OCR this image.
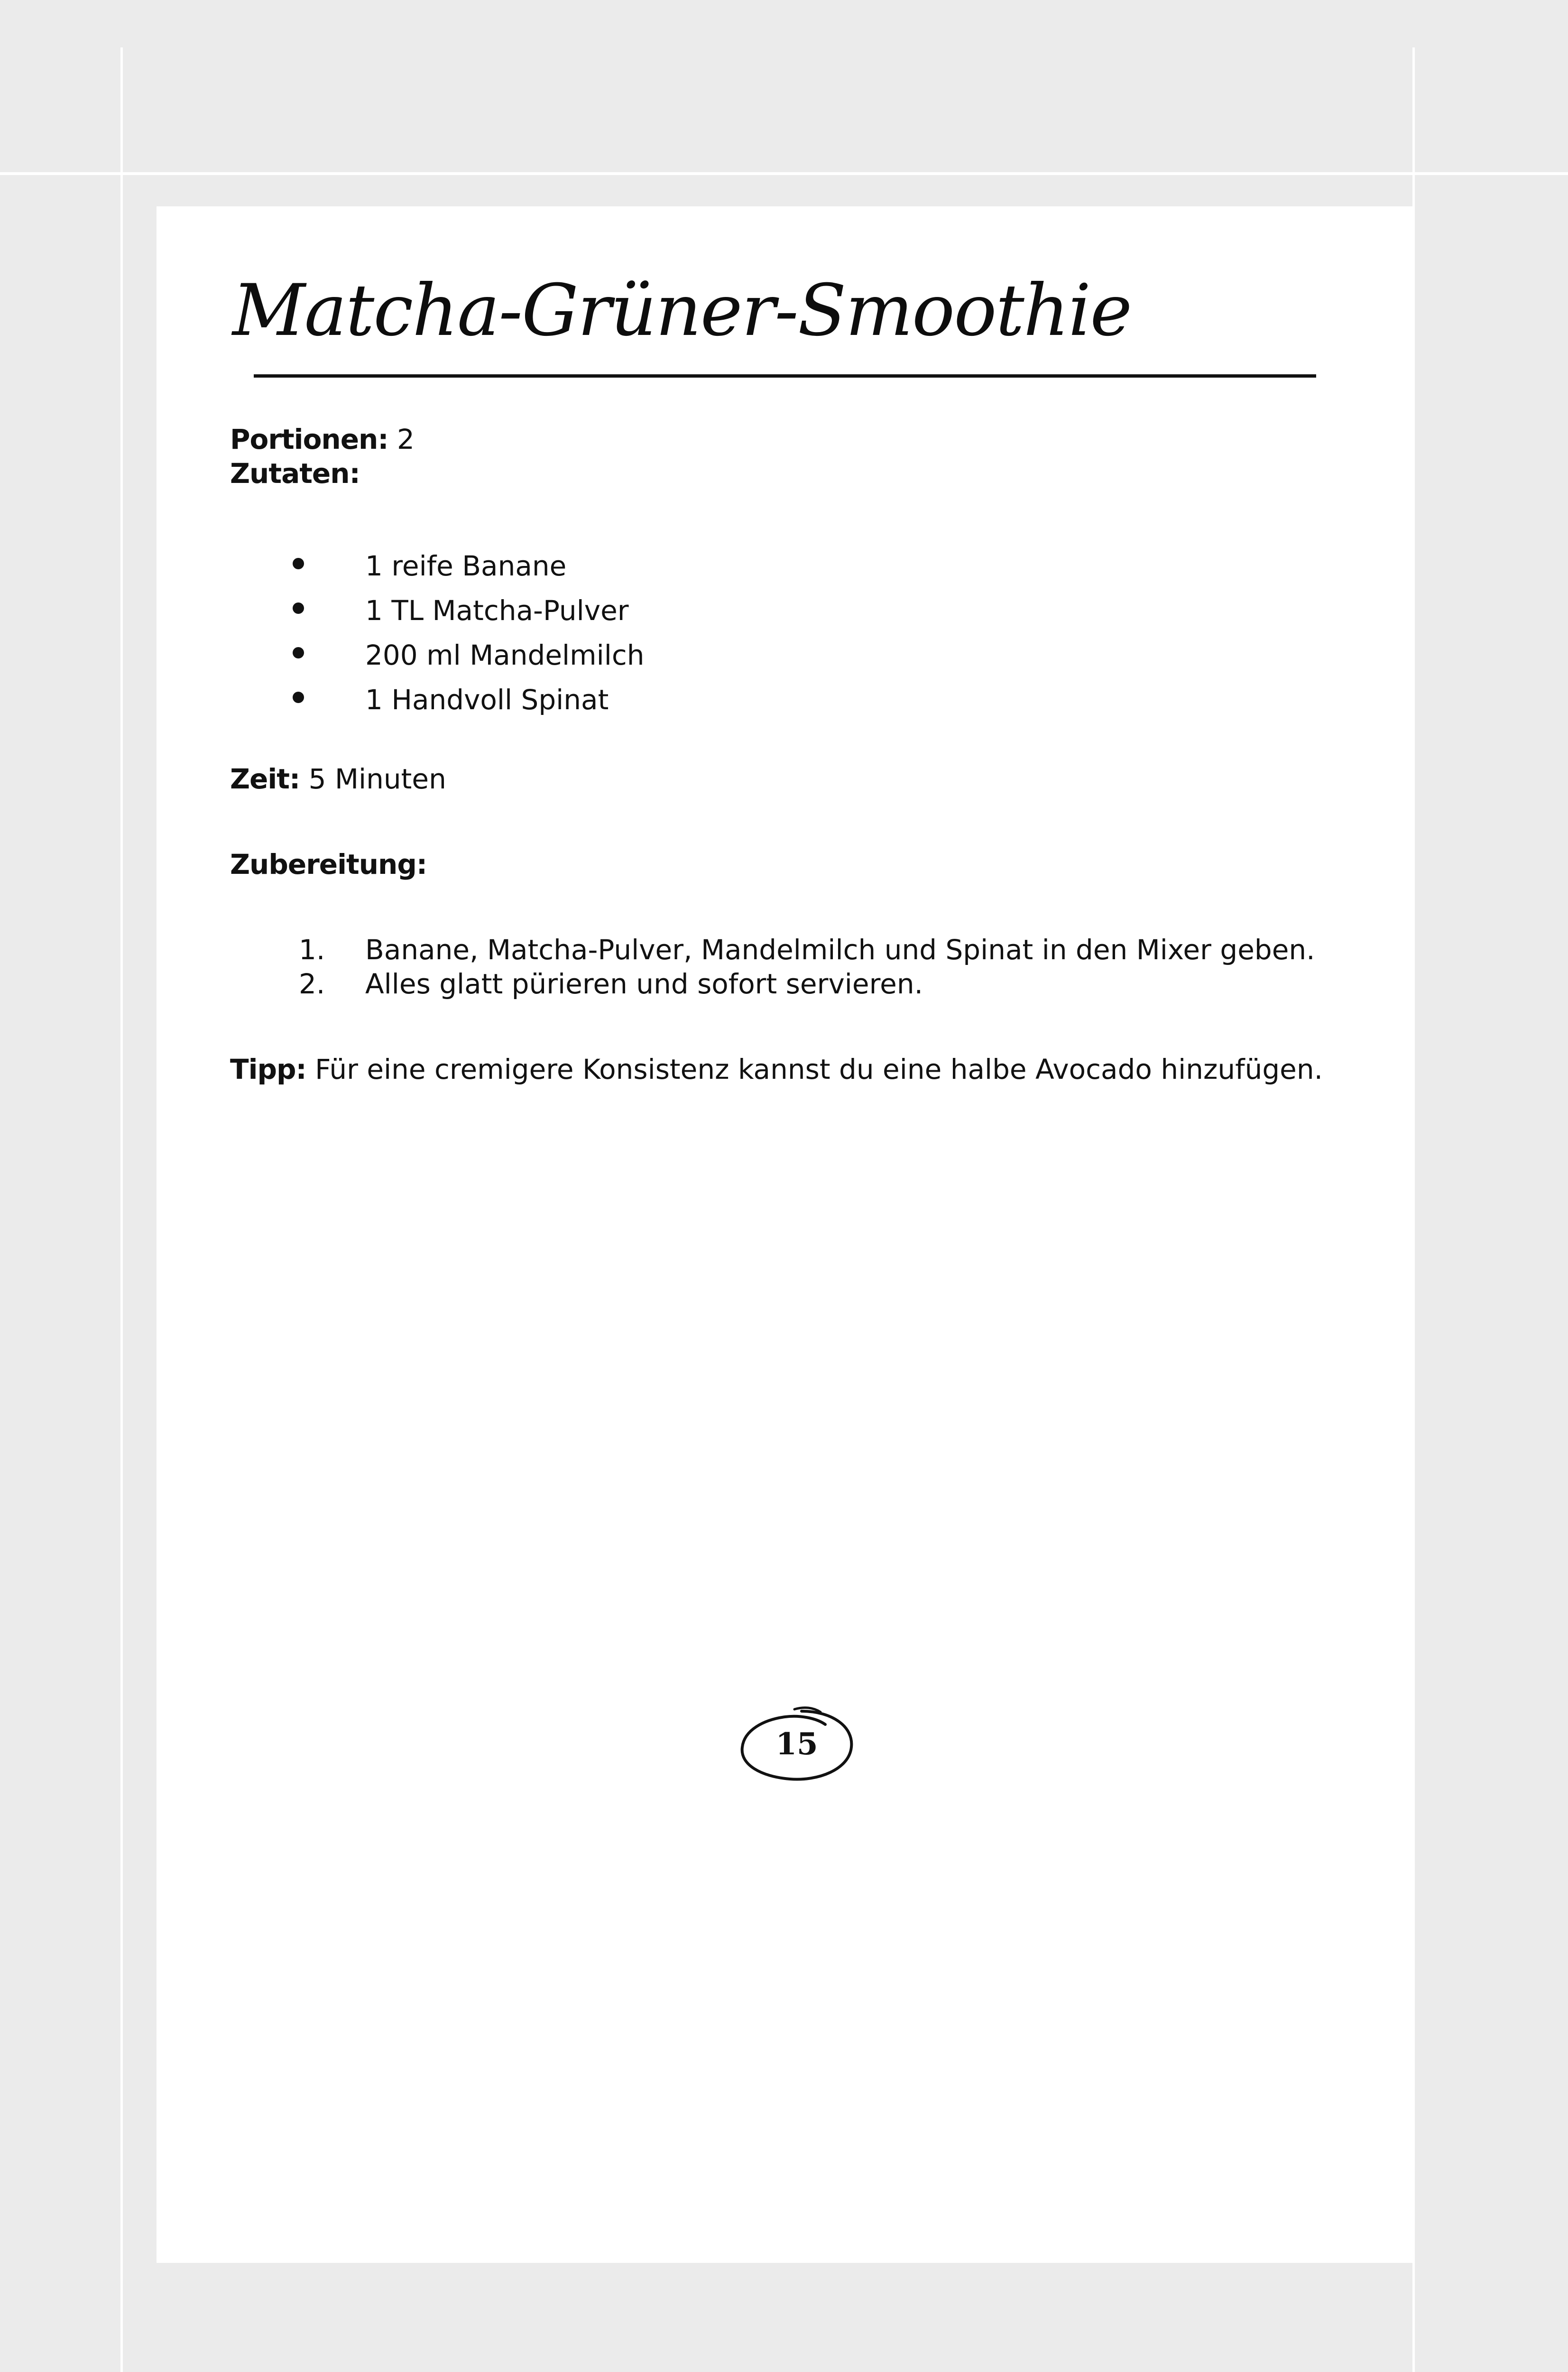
Matcha-Grüner-Smoothie

Portionen: 2

Zutaten:

1 reife Banane
1 TL Matcha-Pulver
200 ml Mandelmilch
1 Handvoll Spinat

Zeit: 5 Minuten

Zubereitung:

1. Banane, Matcha-Pulver, Mandelmilch und Spinat in den Mixer geben.
2. Alles glatt pürieren und sofort servieren.

Tipp: Für eine cremigere Konsistenz kannst du eine halbe Avocado hinzufügen.

15
